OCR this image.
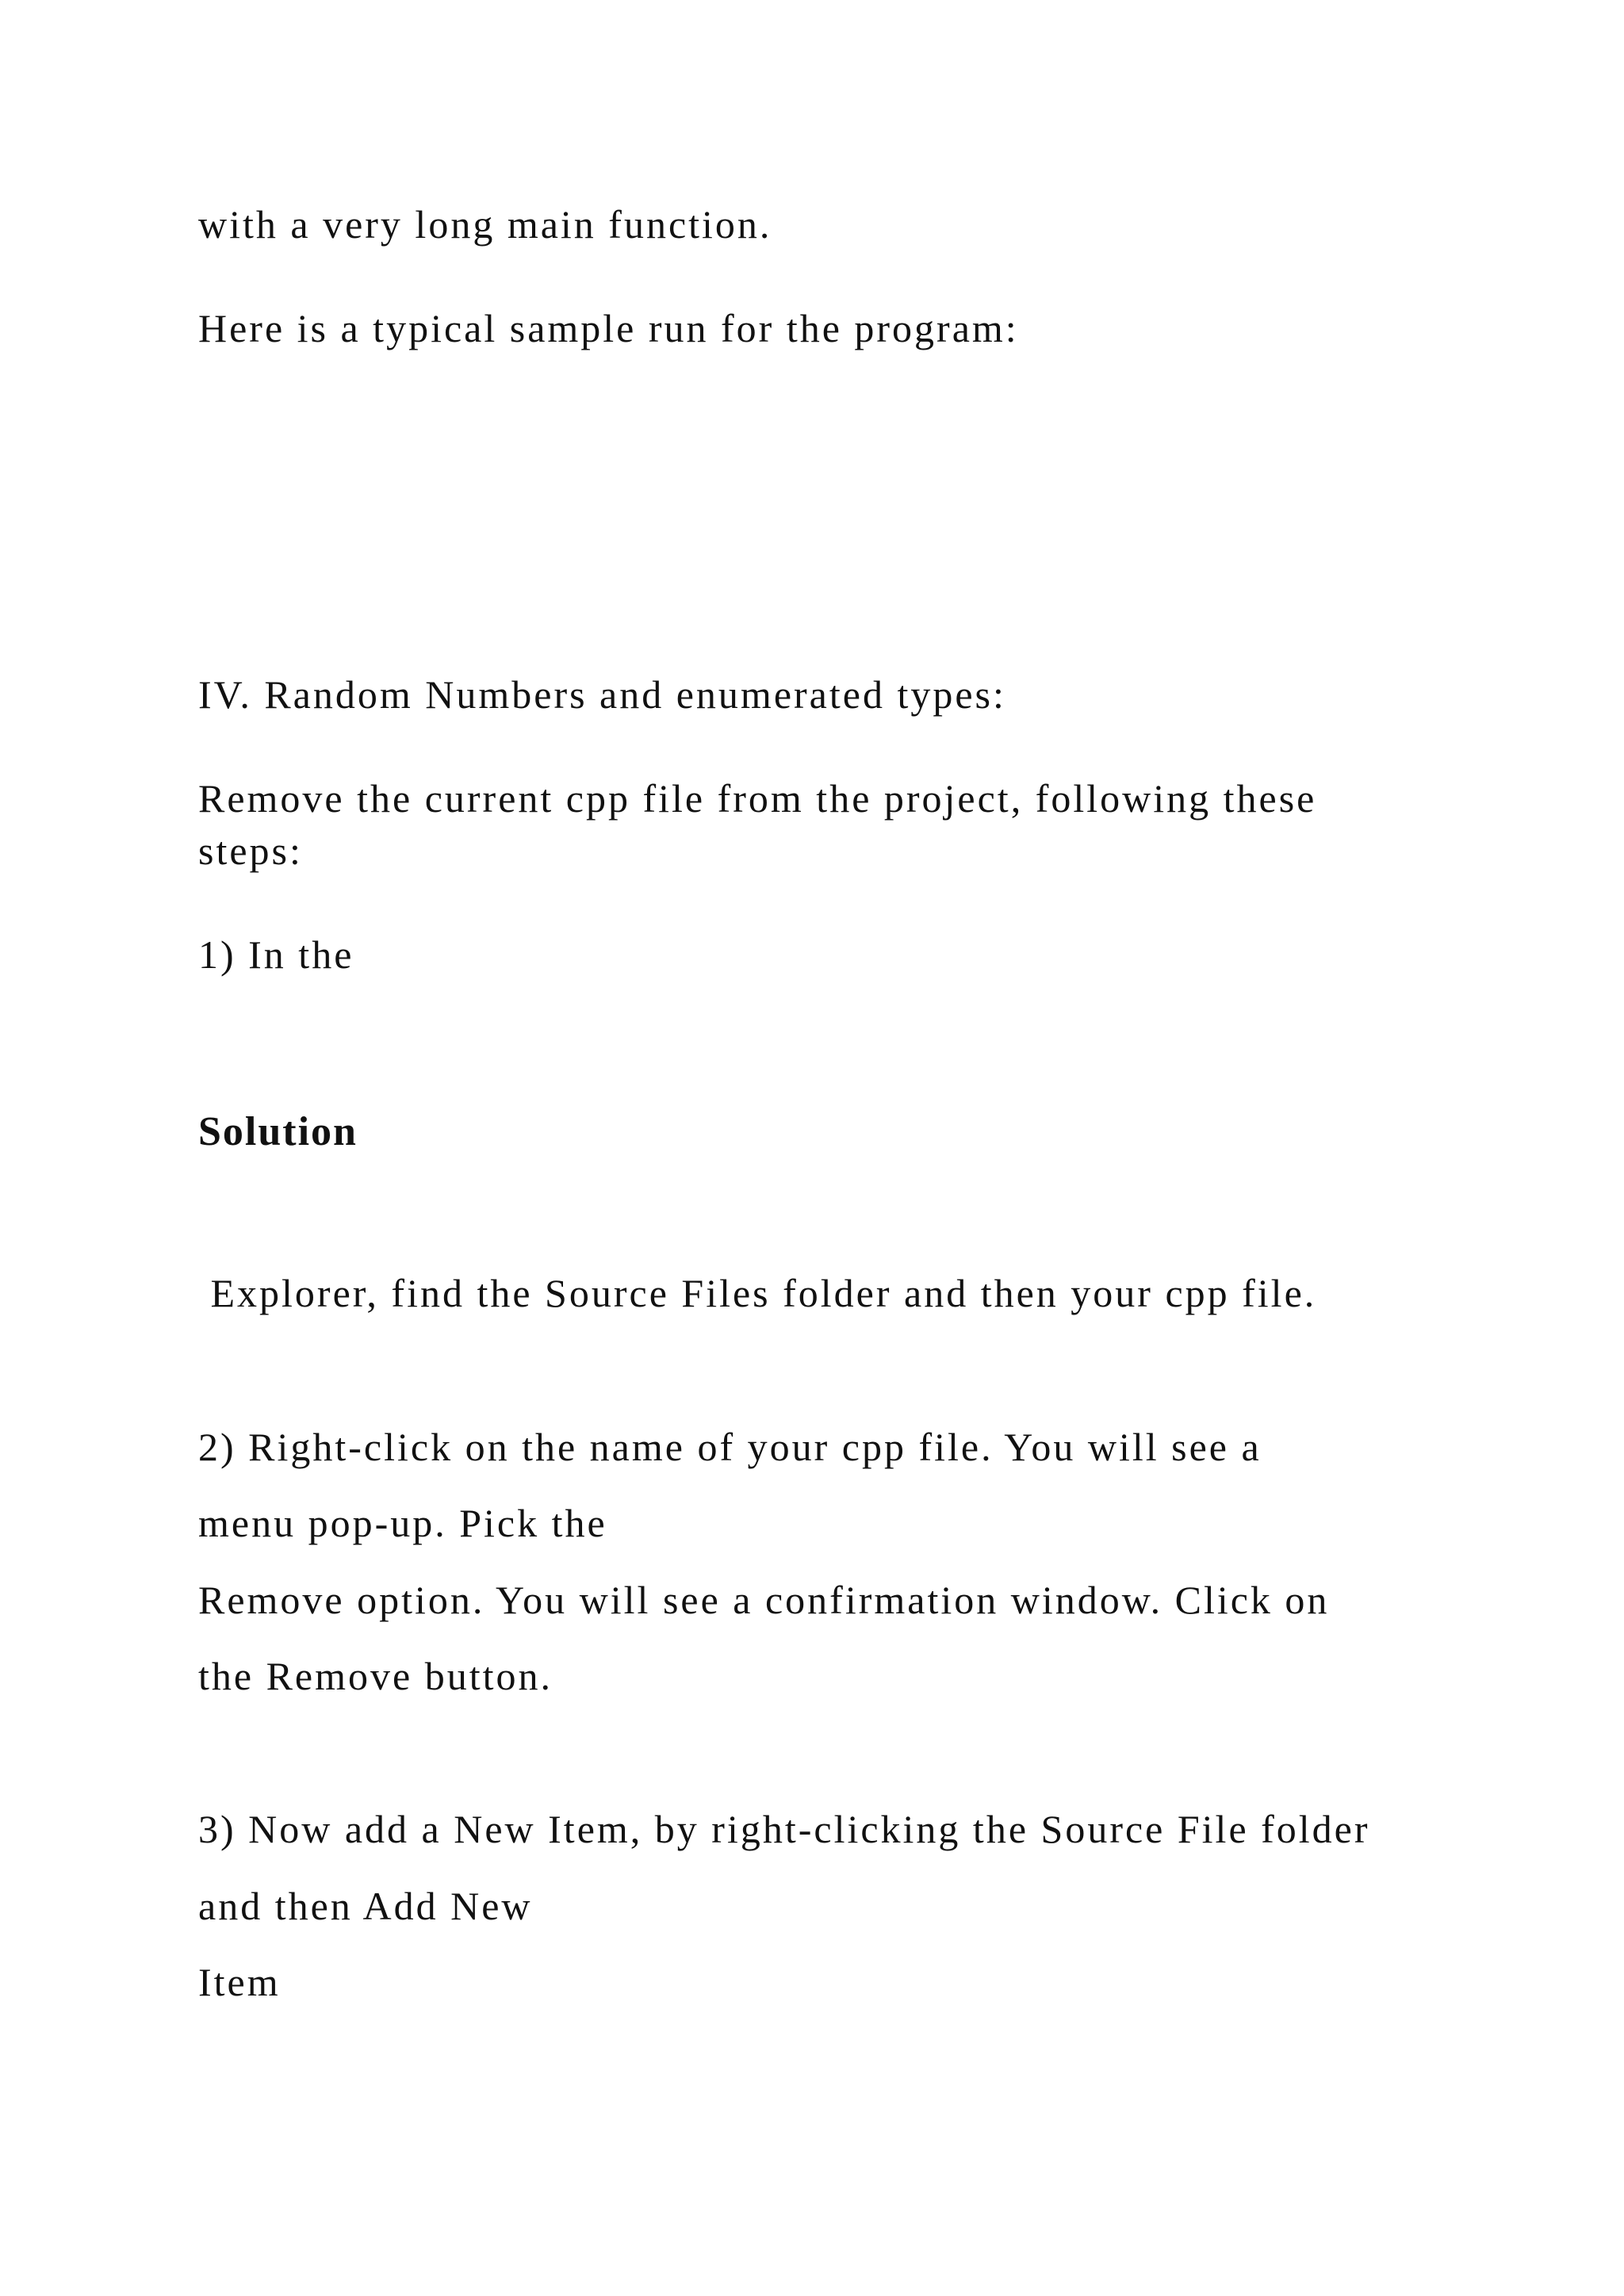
with a very long main function.

Here is a typical sample run for the program:

IV. Random Numbers and enumerated types:

Remove the current cpp file from the project, following these

steps:

1) In the

Solution

Explorer, find the Source Files folder and then your cpp file.

2) Right-click on the name of your cpp file. You will see a

menu pop-up. Pick the

Remove option. You will see a confirmation window. Click on

the Remove button.

3) Now add a New Item, by right-clicking the Source File folder

and then Add New

Item
